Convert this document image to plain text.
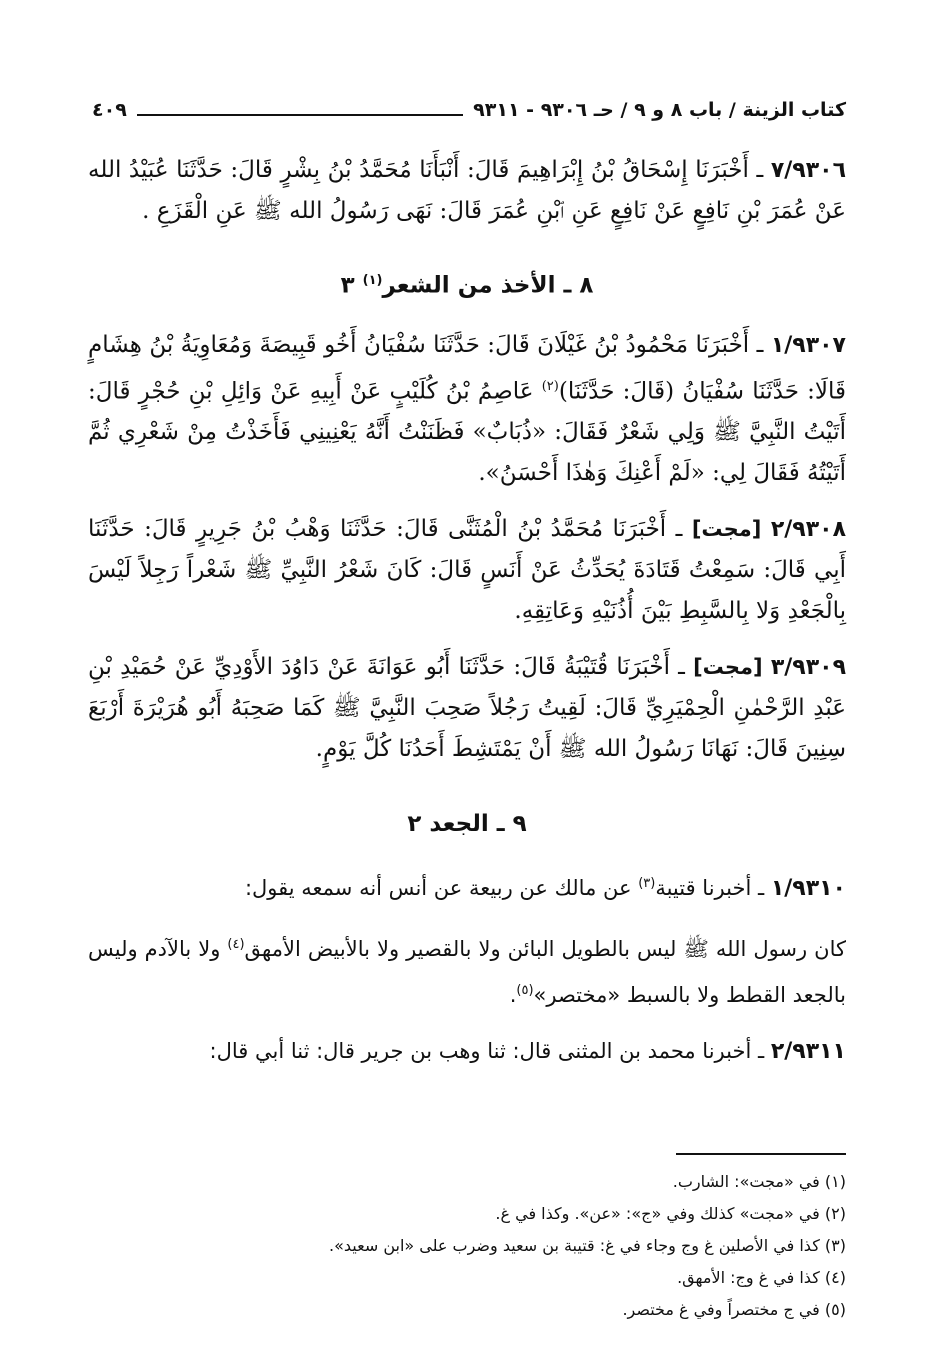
كتاب الزينة / باب ٨ و ٩ / حـ ٩٣٠٦ - ٩٣١١
٤٠٩

٧/٩٣٠٦ ـ أَخْبَرَنَا إِسْحَاقُ بْنُ إِبْرَاهِيمَ قَالَ: أَنْبَأَنَا مُحَمَّدُ بْنُ بِشْرٍ قَالَ: حَدَّثَنَا عُبَيْدُ الله عَنْ عُمَرَ بْنِ نَافِعٍ عَنْ نَافِعٍ عَنِ ٱبْنِ عُمَرَ قَالَ: نَهَى رَسُولُ الله ﷺ عَنِ الْقَزَعِ .

٨ ـ الأخذ من الشعر$^{(١)}$ ٣

١/٩٣٠٧ ـ أَخْبَرَنَا مَحْمُودُ بْنُ غَيْلَانَ قَالَ: حَدَّثَنَا سُفْيَانُ أَخُو قَبِيصَةَ وَمُعَاوِيَةُ بْنُ هِشَامٍ قَالَا: حَدَّثَنَا سُفْيَانُ (قَالَ: حَدَّثَنَا)$^{(٢)}$ عَاصِمُ بْنُ كُلَيْبٍ عَنْ أَبِيهِ عَنْ وَائِلِ بْنِ حُجْرٍ قَالَ: أَتَيْتُ النَّبِيَّ ﷺ وَلِي شَعْرٌ فَقَالَ: «ذُبَابٌ» فَظَنَنْتُ أَنَّهُ يَعْنِينِي فَأَخَذْتُ مِنْ شَعْرِي ثُمَّ أَتَيْتُهُ فَقَالَ لِي: «لَمْ أَعْنِكَ وَهٰذَا أَحْسَنُ».

٢/٩٣٠٨ [مجت] ـ أَخْبَرَنَا مُحَمَّدُ بْنُ الْمُثَنَّى قَالَ: حَدَّثَنَا وَهْبُ بْنُ جَرِيرٍ قَالَ: حَدَّثَنَا أَبِي قَالَ: سَمِعْتُ قَتَادَةَ يُحَدِّثُ عَنْ أَنَسٍ قَالَ: كَانَ شَعْرُ النَّبِيِّ ﷺ شَعْراً رَجِلاً لَيْسَ بِالْجَعْدِ وَلا بِالسَّبِطِ بَيْنَ أُذُنَيْهِ وَعَاتِقِهِ.

٣/٩٣٠٩ [مجت] ـ أَخْبَرَنَا قُتَيْبَةُ قَالَ: حَدَّثَنَا أَبُو عَوَانَةَ عَنْ دَاوُدَ الأَوْدِيِّ عَنْ حُمَيْدِ بْنِ عَبْدِ الرَّحْمٰنِ الْحِمْيَرِيِّ قَالَ: لَقِيتُ رَجُلاً صَحِبَ النَّبِيَّ ﷺ كَمَا صَحِبَهُ أَبُو هُرَيْرَةَ أَرْبَعَ سِنِينَ قَالَ: نَهَانَا رَسُولُ الله ﷺ أَنْ يَمْتَشِطَ أَحَدُنَا كُلَّ يَوْمٍ.

٩ ـ الجعد ٢

١/٩٣١٠ ـ أخبرنا قتيبة$^{(٣)}$ عن مالك عن ربيعة عن أنس أنه سمعه يقول:

كان رسول الله ﷺ ليس بالطويل البائن ولا بالقصير ولا بالأبيض الأمهق$^{(٤)}$ ولا بالآدم وليس بالجعد القطط ولا بالسبط «مختصر»$^{(٥)}$.

٢/٩٣١١ ـ أخبرنا محمد بن المثنى قال: ثنا وهب بن جرير قال: ثنا أبي قال:

(١) في «مجت»: الشارب.
(٢) في «مجت» كذلك وفي «ج»: «عن». وكذا في غ.
(٣) كذا في الأصلين غ وج وجاء في غ: قتيبة بن سعيد وضرب على «ابن سعيد».
(٤) كذا في غ وج: الأمهق.
(٥) في ج مختصراً وفي غ مختصر.
